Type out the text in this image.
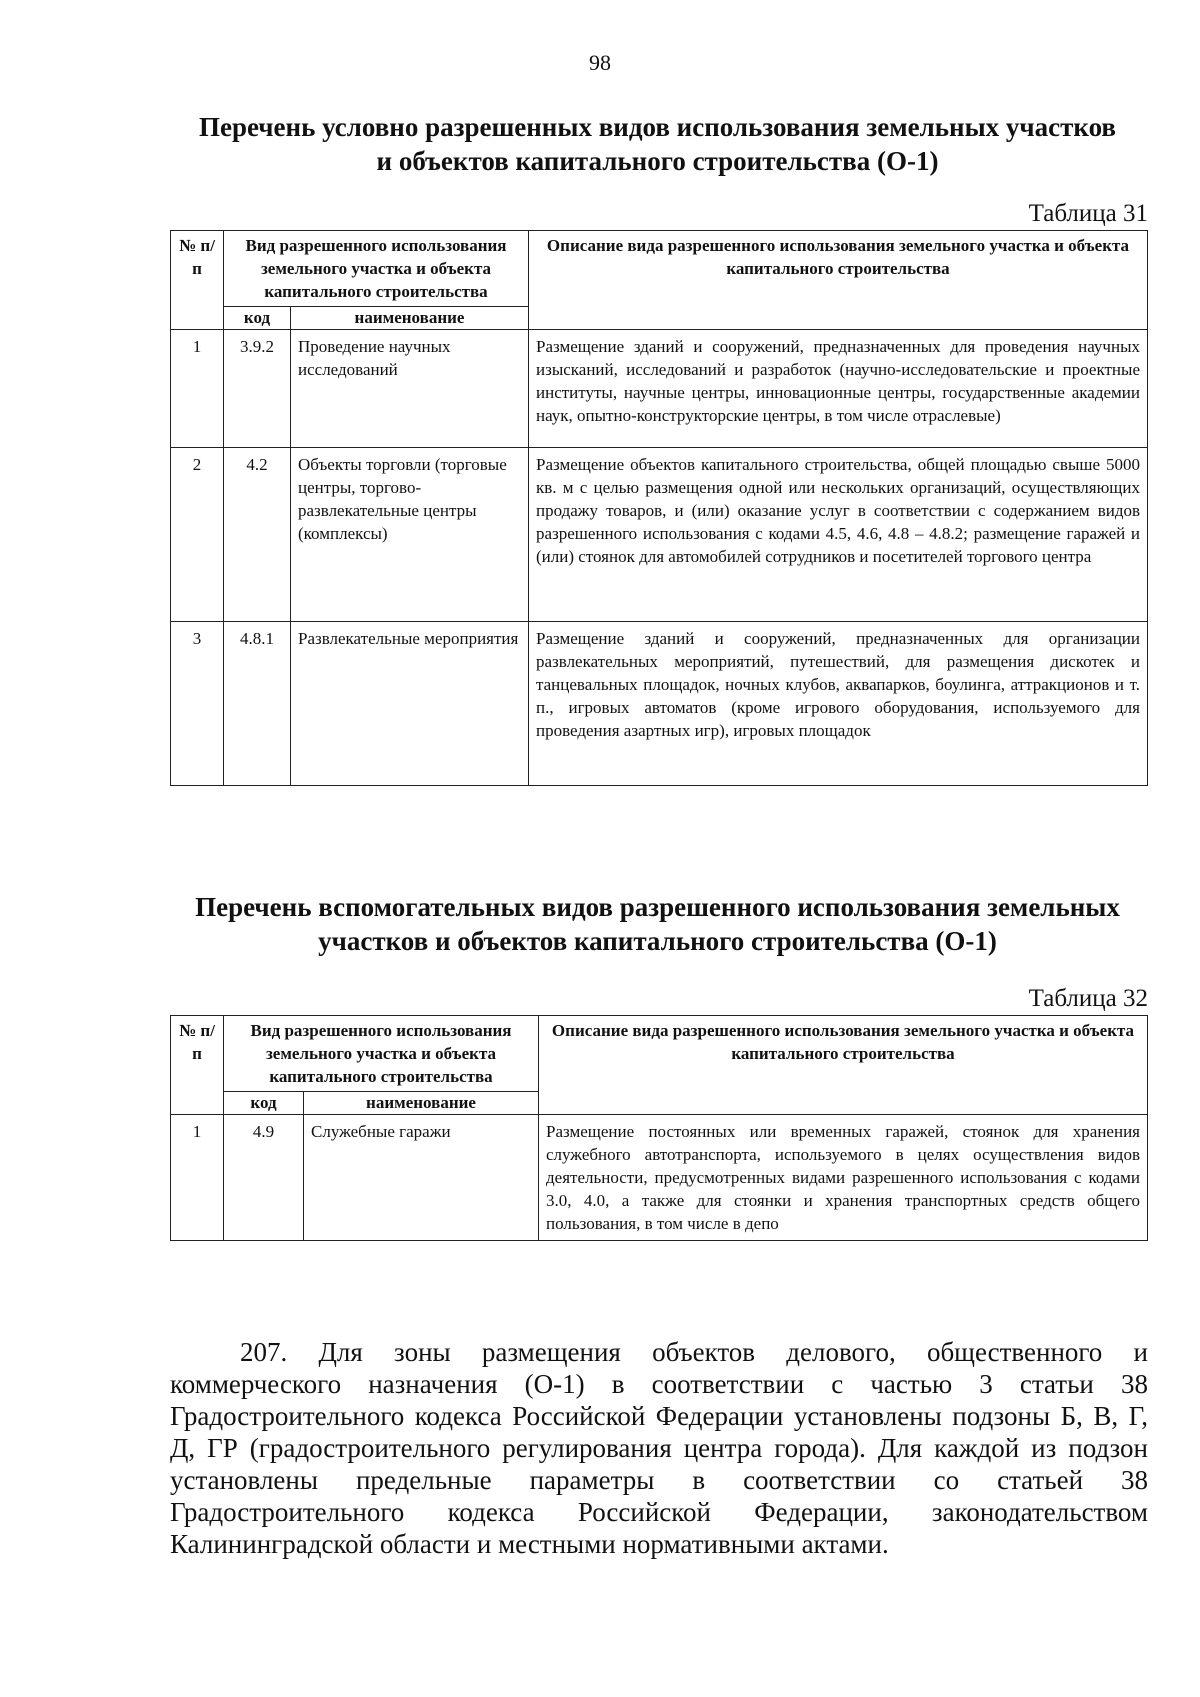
98
Перечень условно разрешенных видов использования земельных участков
и объектов капитального строительства (О-1)
Таблица 31
№ п/п	Вид разрешенного использования земельного участка и объекта капитального строительства		Описание вида разрешенного использования земельного участка и объекта капитального строительства
	код	наименование	
1	3.9.2	Проведение научных исследований	Размещение зданий и сооружений, предназначенных для проведения научных изысканий, исследований и разработок (научно-исследовательские и проектные институты, научные центры, инновационные центры, государственные академии наук, опытно-конструкторские центры, в том числе отраслевые)
2	4.2	Объекты торговли (торговые центры, торгово-развлекательные центры (комплексы)	Размещение объектов капитального строительства, общей площадью свыше 5000 кв. м с целью размещения одной или нескольких организаций, осуществляющих продажу товаров, и (или) оказание услуг в соответствии с содержанием видов разрешенного использования с кодами 4.5, 4.6, 4.8 – 4.8.2; размещение гаражей и (или) стоянок для автомобилей сотрудников и посетителей торгового центра
3	4.8.1	Развлекательные мероприятия	Размещение зданий и сооружений, предназначенных для организации развлекательных мероприятий, путешествий, для размещения дискотек и танцевальных площадок, ночных клубов, аквапарков, боулинга, аттракционов и т. п., игровых автоматов (кроме игрового оборудования, используемого для проведения азартных игр), игровых площадок
Перечень вспомогательных видов разрешенного использования земельных
участков и объектов капитального строительства (О-1)
Таблица 32
№ п/п	Вид разрешенного использования земельного участка и объекта капитального строительства		Описание вида разрешенного использования земельного участка и объекта капитального строительства
	код	наименование	
1	4.9	Служебные гаражи	Размещение постоянных или временных гаражей, стоянок для хранения служебного автотранспорта, используемого в целях осуществления видов деятельности, предусмотренных видами разрешенного использования с кодами 3.0, 4.0, а также для стоянки и хранения транспортных средств общего пользования, в том числе в депо

207. Для зоны размещения объектов делового, общественного и коммерческого назначения (О-1) в соответствии с частью 3 статьи 38 Градостроительного кодекса Российской Федерации установлены подзоны Б, В, Г, Д, ГР (градостроительного регулирования центра города). Для каждой из подзон установлены предельные параметры в соответствии со статьей 38 Градостроительного кодекса Российской Федерации, законодательством Калининградской области и местными нормативными актами.
